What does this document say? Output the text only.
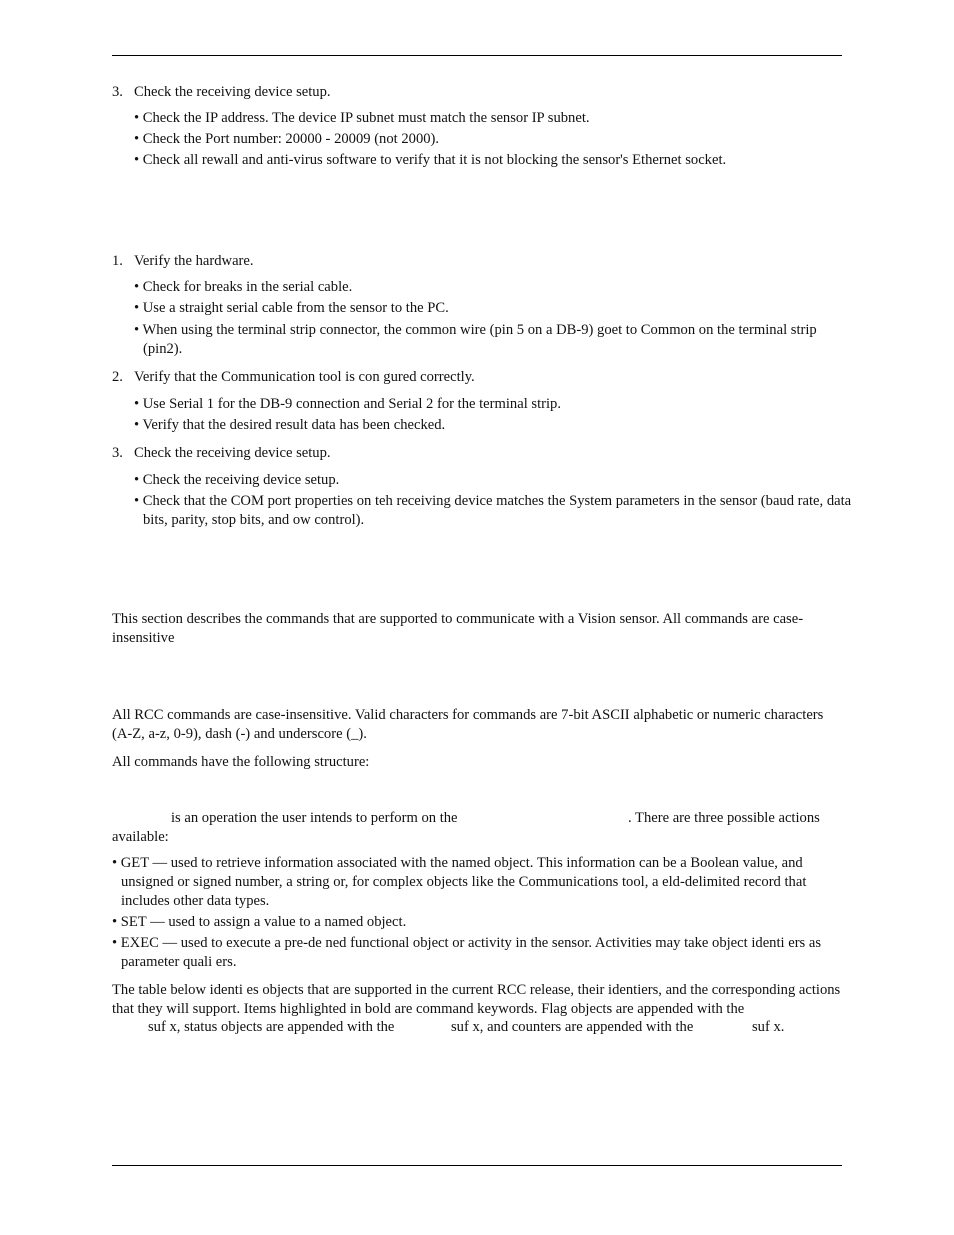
3. Check the receiving device setup.
• Check the IP address. The device IP subnet must match the sensor IP subnet.
• Check the Port number: 20000 - 20009 (not 2000).
• Check all rewall and anti-virus software to verify that it is not blocking the sensor's Ethernet socket.
1. Verify the hardware.
• Check for breaks in the serial cable.
• Use a straight serial cable from the sensor to the PC.
• When using the terminal strip connector, the common wire (pin 5 on a DB-9) goet to Common on the terminal strip (pin2).
2. Verify that the Communication tool is con gured correctly.
• Use Serial 1 for the DB-9 connection and Serial 2 for the terminal strip.
• Verify that the desired result data has been checked.
3. Check the receiving device setup.
• Check the receiving device setup.
• Check that the COM port properties on teh receiving device matches the System parameters in the sensor (baud rate, data bits, parity, stop bits, and ow control).
This section describes the commands that are supported to communicate with a Vision sensor. All commands are case-insensitive
All RCC commands are case-insensitive. Valid characters for commands are 7-bit ASCII alphabetic or numeric characters (A-Z, a-z, 0-9), dash (-) and underscore (_).
All commands have the following structure:
is an operation the user intends to perform on the	. There are three possible actions
available:
• GET — used to retrieve information associated with the named object. This information can be a Boolean value, and unsigned or signed number, a string or, for complex objects like the Communications tool, a eld-delimited record that includes other data types.
• SET — used to assign a value to a named object.
• EXEC — used to execute a pre-de ned functional object or activity in the sensor. Activities may take object identi ers as parameter quali ers.
The table below identi es objects that are supported in the current RCC release, their identiers, and the corresponding actions that they will support. Items highlighted in bold are command keywords. Flag objects are appended with the
suf x, status objects are appended with the	suf x, and counters are appended with the	suf x.
